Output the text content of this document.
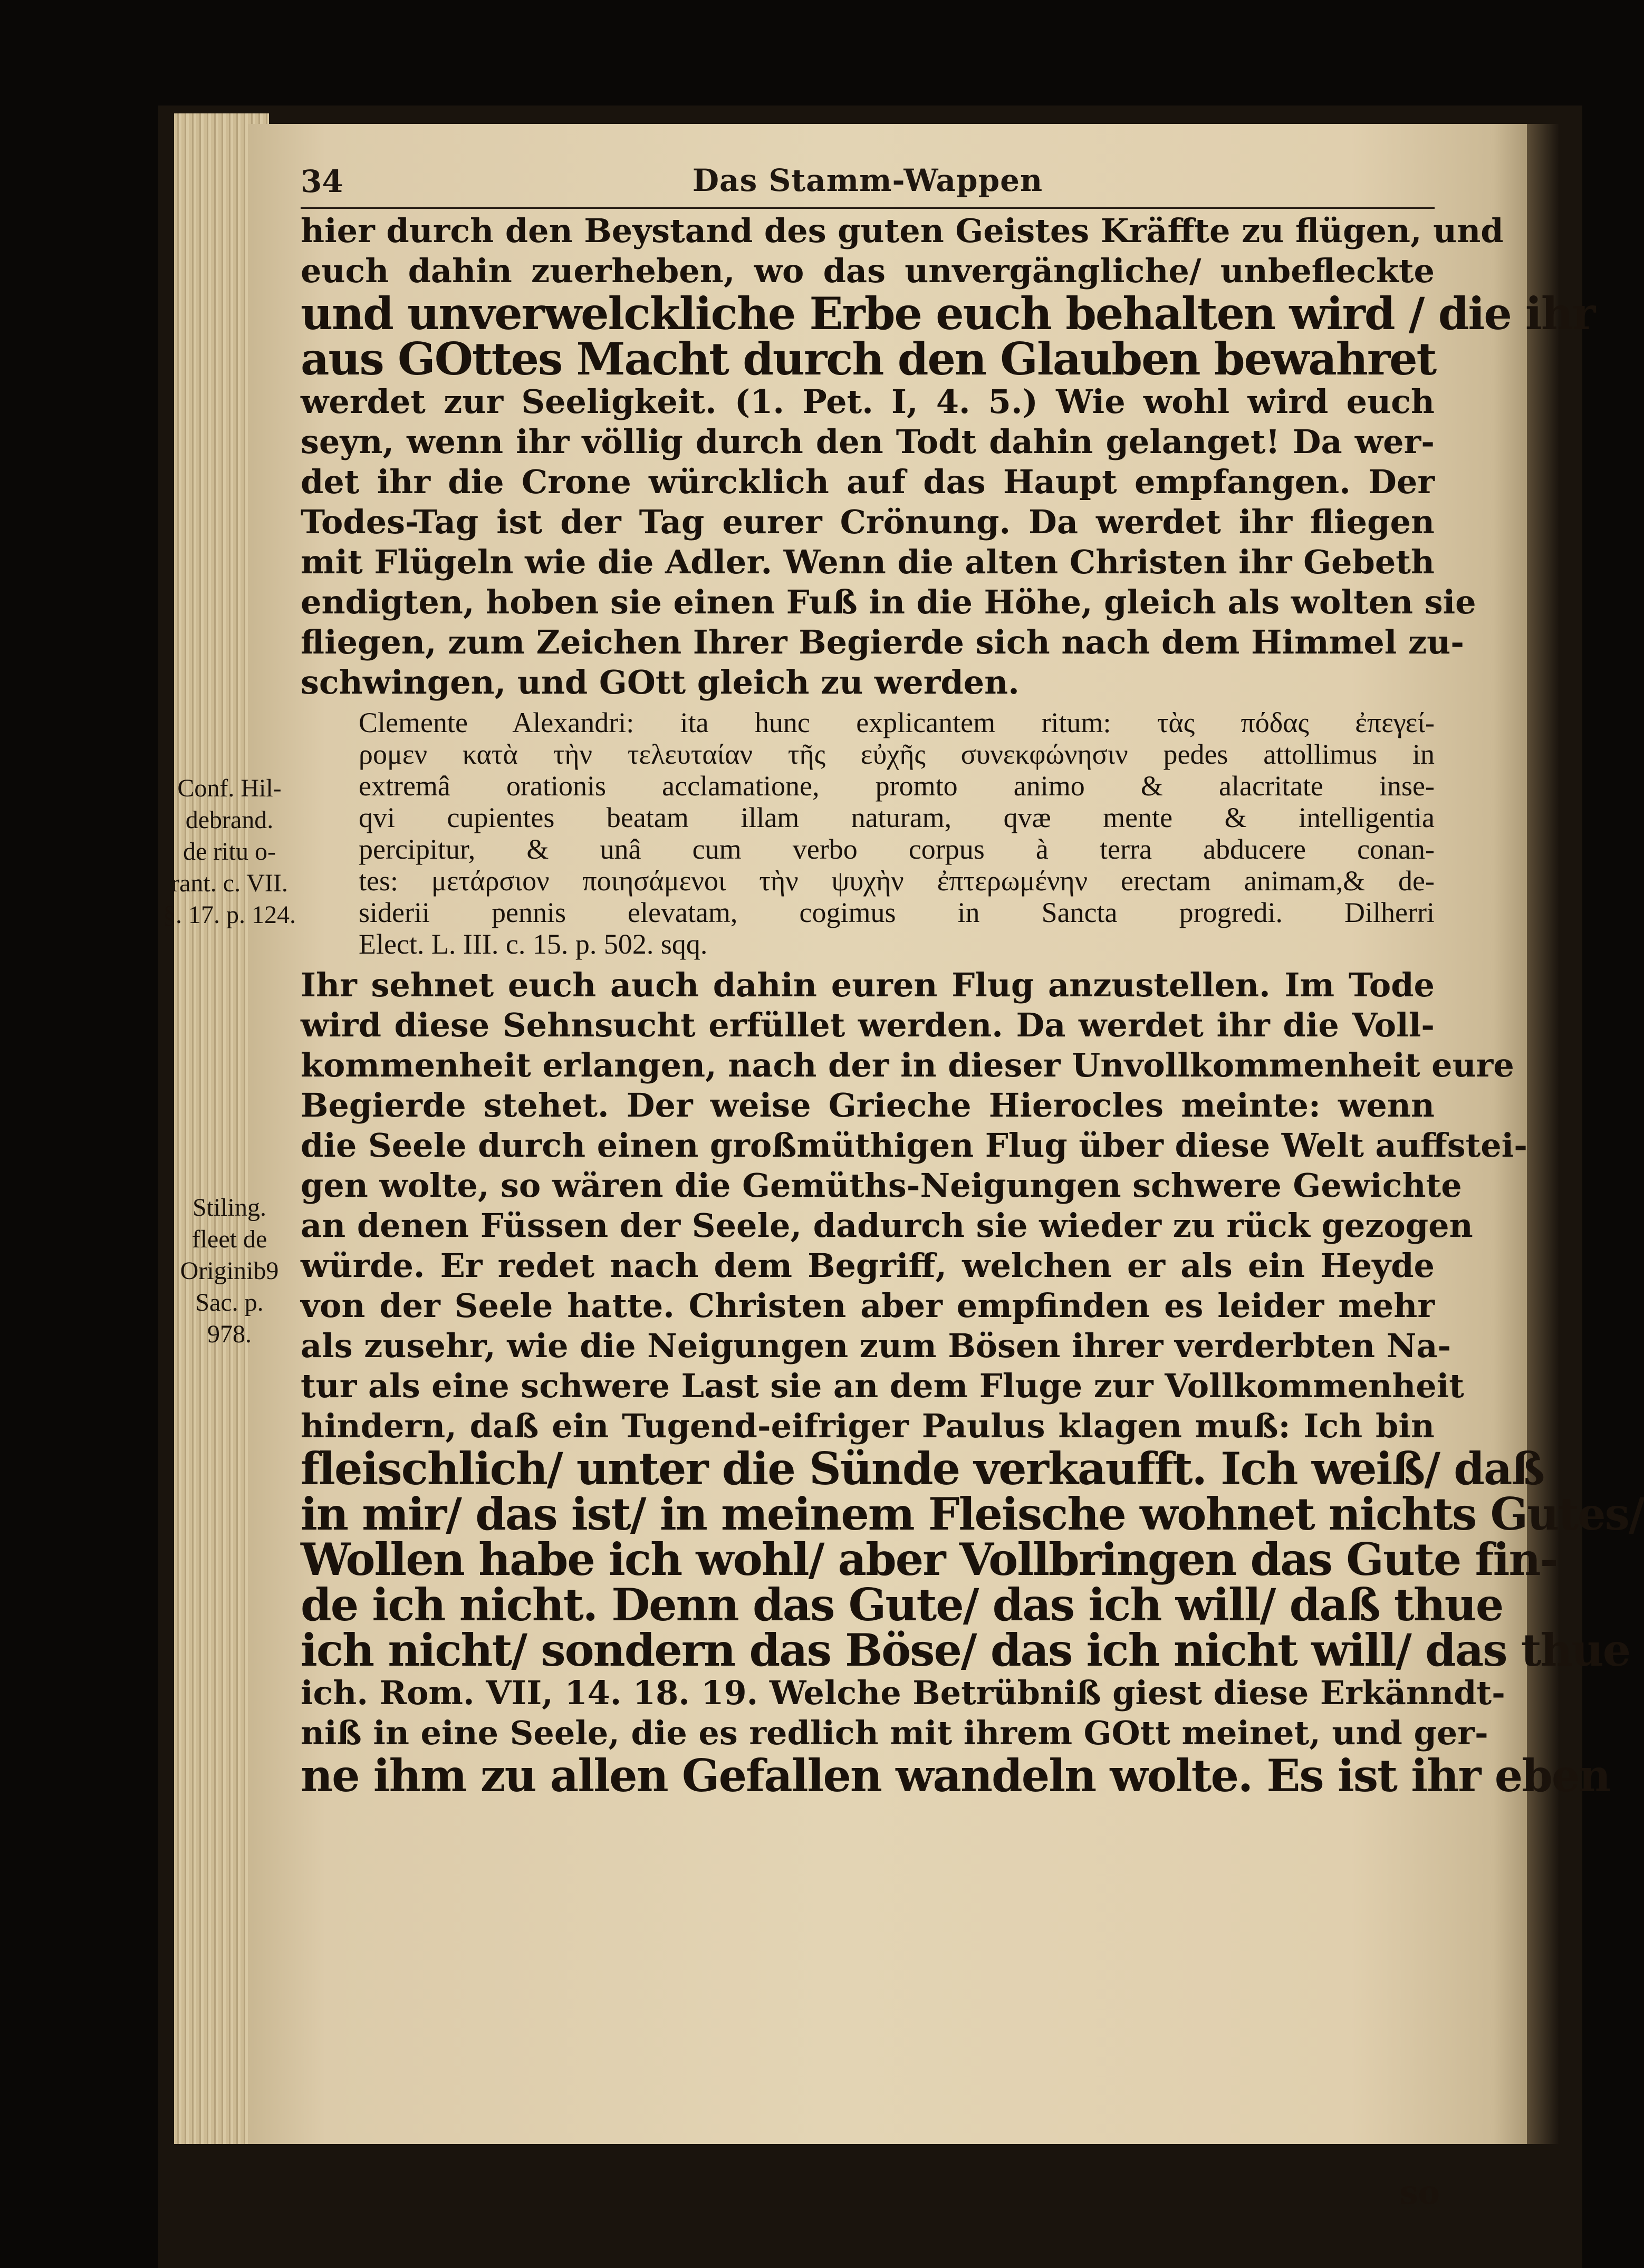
34	Das Stamm-Wappen
hier durch den Beystand des guten Geistes Kräffte zu flügen, und
euch dahin zuerheben, wo das unvergängliche/ unbefleckte
und unverwelckliche Erbe euch behalten wird / die ihr
aus GOttes Macht durch den Glauben bewahret
werdet zur Seeligkeit. (1. Pet. I, 4. 5.) Wie wohl wird euch
seyn, wenn ihr völlig durch den Todt dahin gelanget! Da wer-
det ihr die Crone würcklich auf das Haupt empfangen. Der
Todes-Tag ist der Tag eurer Crönung. Da werdet ihr fliegen
mit Flügeln wie die Adler. Wenn die alten Christen ihr Gebeth
endigten, hoben sie einen Fuß in die Höhe, gleich als wolten sie
fliegen, zum Zeichen Ihrer Begierde sich nach dem Himmel zu-
schwingen, und GOtt gleich zu werden.
Clemente Alexandri: ita hunc explicantem ritum: τὰς πόδας ἐπεγεί-
ρομεν κατὰ τὴν τελευταίαν τῆς εὐχῆς συνεκφώνησιν pedes attollimus in
extremâ orationis acclamatione, promto animo & alacritate inse-
qvi cupientes beatam illam naturam, qvæ mente & intelligentia
percipitur, & unâ cum verbo corpus à terra abducere conan-
tes: μετάρσιον ποιησάμενοι τὴν ψυχὴν ἐπτερωμένην erectam animam,& de-
siderii pennis elevatam, cogimus in Sancta progredi. Dilherri
Elect. L. III. c. 15. p. 502. sqq.
Ihr sehnet euch auch dahin euren Flug anzustellen. Im Tode
wird diese Sehnsucht erfüllet werden. Da werdet ihr die Voll-
kommenheit erlangen, nach der in dieser Unvollkommenheit eure
Begierde stehet. Der weise Grieche Hierocles meinte: wenn
die Seele durch einen großmüthigen Flug über diese Welt auffstei-
gen wolte, so wären die Gemüths-Neigungen schwere Gewichte
an denen Füssen der Seele, dadurch sie wieder zu rück gezogen
würde. Er redet nach dem Begriff, welchen er als ein Heyde
von der Seele hatte. Christen aber empfinden es leider mehr
als zusehr, wie die Neigungen zum Bösen ihrer verderbten Na-
tur als eine schwere Last sie an dem Fluge zur Vollkommenheit
hindern, daß ein Tugend-eifriger Paulus klagen muß: Ich bin
fleischlich/ unter die Sünde verkaufft. Ich weiß/ daß
in mir/ das ist/ in meinem Fleische wohnet nichts Gutes/
Wollen habe ich wohl/ aber Vollbringen das Gute fin-
de ich nicht. Denn das Gute/ das ich will/ daß thue
ich nicht/ sondern das Böse/ das ich nicht will/ das thue
ich. Rom. VII, 14. 18. 19. Welche Betrübniß giest diese Erkänndt-
niß in eine Seele, die es redlich mit ihrem GOtt meinet, und ger-
ne ihm zu allen Gefallen wandeln wolte. Es ist ihr eben
Conf. Hil-
debrand.
de ritu o-
rant. c. VII.
§. 17. p. 124.
Stiling.
fleet de
Originib9
Sac. p.
978.
so
